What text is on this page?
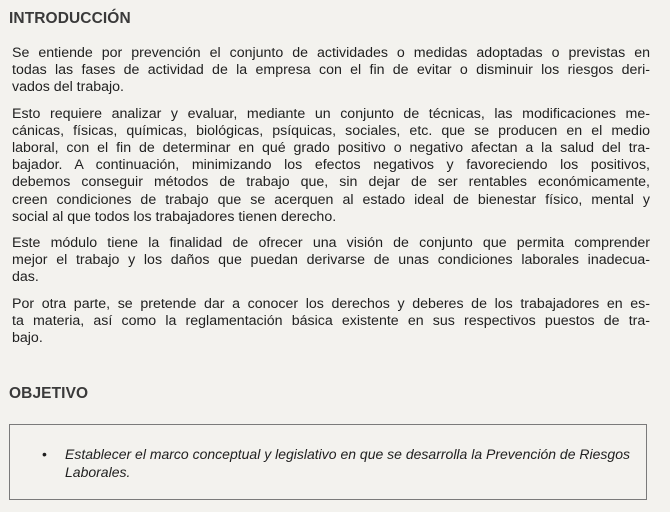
INTRODUCCIÓN

Se entiende por prevención el conjunto de actividades o medidas adoptadas o previstas en
todas las fases de actividad de la empresa con el fin de evitar o disminuir los riesgos deri-
vados del trabajo.

Esto requiere analizar y evaluar, mediante un conjunto de técnicas, las modificaciones me-
cánicas, físicas, químicas, biológicas, psíquicas, sociales, etc. que se producen en el medio
laboral, con el fin de determinar en qué grado positivo o negativo afectan a la salud del tra-
bajador. A continuación, minimizando los efectos negativos y favoreciendo los positivos,
debemos conseguir métodos de trabajo que, sin dejar de ser rentables económicamente,
creen condiciones de trabajo que se acerquen al estado ideal de bienestar físico, mental y
social al que todos los trabajadores tienen derecho.

Este módulo tiene la finalidad de ofrecer una visión de conjunto que permita comprender
mejor el trabajo y los daños que puedan derivarse de unas condiciones laborales inadecua-
das.

Por otra parte, se pretende dar a conocer los derechos y deberes de los trabajadores en es-
ta materia, así como la reglamentación básica existente en sus respectivos puestos de tra-
bajo.

OBJETIVO
• Establecer el marco conceptual y legislativo en que se desarrolla la Prevención de Riesgos Laborales.
